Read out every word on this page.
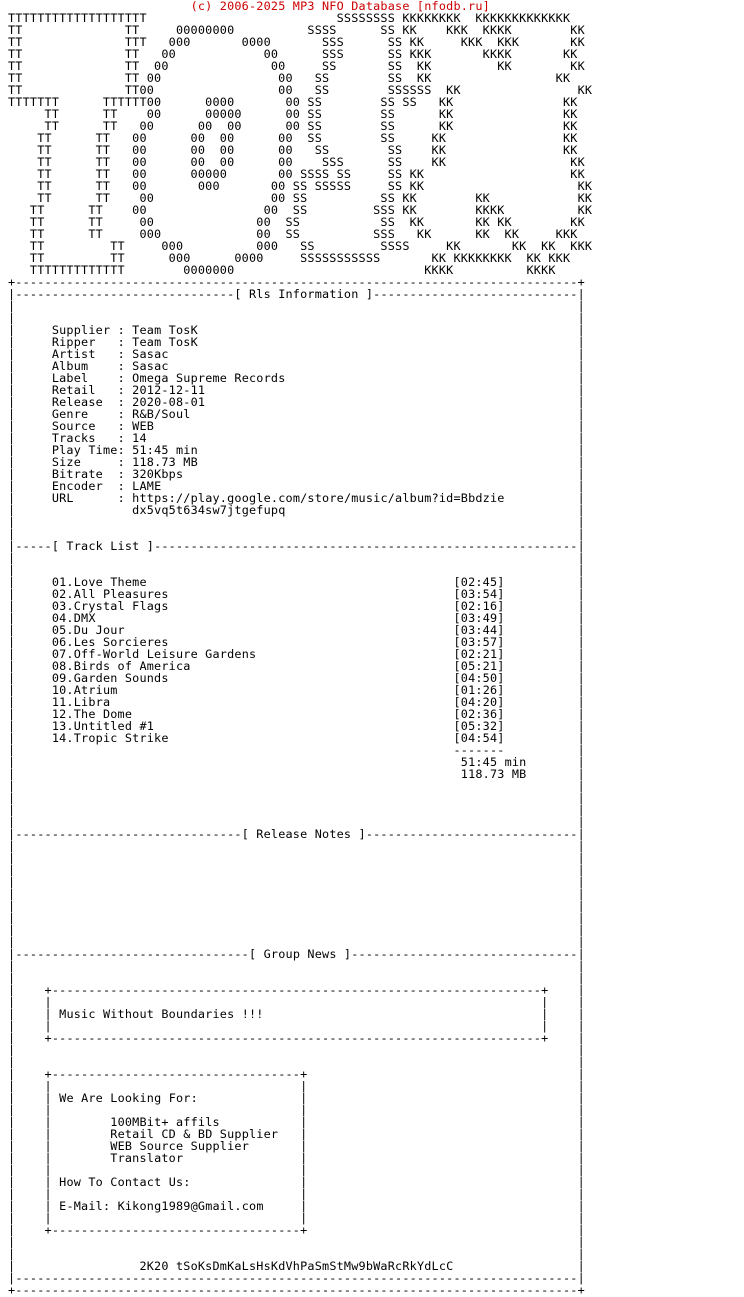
(c) 2006-2025 MP3 NFO Database [nfodb.ru]
TTTTTTTTTTTTTTTTTTT                          SSSSSSSS KKKKKKKK  KKKKKKKKKKKKK
TT              TT     00000000          SSSS      SS KK    KKK  KKKK        KK
TT              TTT   000       0000       SSS      SS KK     KKK  KKK       KK
TT              TT   00            00      SSS      SS KKK       KKKK       KK
TT              TT  00              00     SS       SS  KK         KK        KK
TT              TT 00                00   SS        SS  KK                 KK
TT              TT00                 00   SS        SSSSSS  KK                KK
TTTTTTT      TTTTTT00      0000       00 SS        SS SS   KK               KK
TT      TT    00      00000      00 SS        SS      KK               KK
TT      TT   00      00  00      00 SS        SS      KK               KK
TT      TT   00      00  00      00  SS        SS     KK                KK
TT      TT   00      00  00      00   SS        SS    KK                KK
TT      TT   00      00  00      00    SSS      SS    KK                 KK
TT      TT   00      00000       00 SSSS SS     SS KK                    KK
TT      TT   00       000       00 SS SSSSS     SS KK                     KK
TT      TT    00                00 SS          SS KK        KK            KK
TT      TT    00                00  SS         SSS KK        KKKK          KK
TT      TT     00              00  SS           SS  KK       KK KK        KK
TT      TT     000             00  SS          SSS   KK      KK  KK     KKK
TT         TT     000          000   SS         SSSS     KK       KK  KK  KKK
TT         TT      000      0000     SSSSSSSSSSS       KK KKKKKKKK  KK KKK
TTTTTTTTTTTTT        0000000                          KKKK          KKKK
+-----------------------------------------------------------------------------+
|------------------------------[ Rls Information ]----------------------------|
|	|
|	|
|	Supplier : Team TosK	|
|	Ripper   : Team TosK	|
|	Artist   : Sasac	|
|	Album    : Sasac	|
|	Label    : Omega Supreme Records	|
|	Retail   : 2012-12-11	|
|	Release  : 2020-08-01	|
|	Genre    : R&B/Soul	|
|	Source   : WEB	|
|	Tracks   : 14	|
|	Play Time: 51:45 min	|
|	Size     : 118.73 MB	|
|	Bitrate  : 320Kbps	|
|	Encoder  : LAME	|
|	URL      : https://play.google.com/store/music/album?id=Bbdzie	|
|	dx5vq5t634sw7jtgefupq	|
|	|
|	|
|-----[ Track List ]----------------------------------------------------------|
|	|
|	|
|	01.Love Theme	[02:45]	|
|	02.All Pleasures	[03:54]	|
|	03.Crystal Flags	[02:16]	|
|	04.DMX	[03:49]	|
|	05.Du Jour	[03:44]	|
|	06.Les Sorcieres	[03:57]	|
|	07.Off-World Leisure Gardens	[02:21]	|
|	08.Birds of America	[05:21]	|
|	09.Garden Sounds	[04:50]	|
|	10.Atrium	[01:26]	|
|	11.Libra	[04:20]	|
|	12.The Dome	[02:36]	|
|	13.Untitled #1	[05:32]	|
|	14.Tropic Strike	[04:54]	|
|	-------	|
|	51:45 min	|
|	118.73 MB	|
|	|
|	|
|	|
|	|
|-------------------------------[ Release Notes ]-----------------------------|
|	|
|	|
|	|
|	|
|	|
|	|
|	|
|	|
|	|
|--------------------------------[ Group News ]-------------------------------|
|	|
|	|
| +-------------------------------------------------------------------+ |
| |	| |
| | Music Without Boundaries !!!	| |
| |	| |
| +-------------------------------------------------------------------+ |
|	|
|	|
| +----------------------------------+	|
| |	|	|
| | We Are Looking For:	|	|
| |	|	|
| |	100MBit+ affils	|	|
| |	Retail CD & BD Supplier |	|
| |	WEB Source Supplier	|	|
| |	Translator	|	|
| |	|	|
| | How To Contact Us:	|	|
| |	|	|
| | E-Mail: Kikong1989@Gmail.com	|	|
| |	|	|
| +----------------------------------+	|
|	|
|	|
|	2K20 tSoKsDmKaLsHsKdVhPaSmStMw9bWaRcRkYdLcC	|
|-----------------------------------------------------------------------------|
+-----------------------------------------------------------------------------+
